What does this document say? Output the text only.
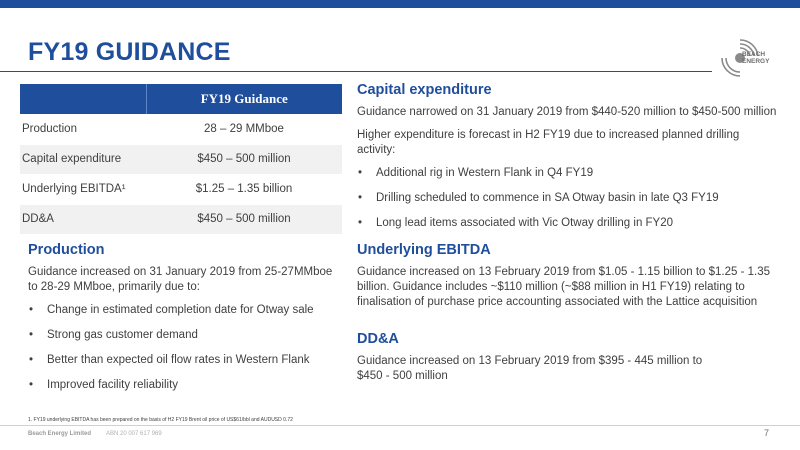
FY19 GUIDANCE	BEACH
ENERGY
	FY19 Guidance
Production	28 – 29 MMboe
Capital expenditure	$450 – 500 million
Underlying EBITDA¹	$1.25 – 1.35 billion
DD&A	$450 – 500 million
Production
Guidance increased on 31 January 2019 from 25-27MMboe to 28-29 MMboe, primarily due to:
• Change in estimated completion date for Otway sale
• Strong gas customer demand
• Better than expected oil flow rates in Western Flank
• Improved facility reliability
Capital expenditure
Guidance narrowed on 31 January 2019 from $440-520 million to $450-500 million
Higher expenditure is forecast in H2 FY19 due to increased planned drilling activity:
• Additional rig in Western Flank in Q4 FY19
• Drilling scheduled to commence in SA Otway basin in late Q3 FY19
• Long lead items associated with Vic Otway drilling in FY20
Underlying EBITDA
Guidance increased on 13 February 2019 from $1.05 - 1.15 billion to $1.25 - 1.35 billion. Guidance includes ~$110 million (~$88 million in H1 FY19) relating to finalisation of purchase price accounting associated with the Lattice acquisition
DD&A
Guidance increased on 13 February 2019 from $395 - 445 million to $450 - 500 million
1. FY19 underlying EBITDA has been prepared on the basis of H2 FY19 Brent oil price of US$61/bbl and AUDUSD 0.72
Beach Energy Limited ABN 20 007 617 969	7
